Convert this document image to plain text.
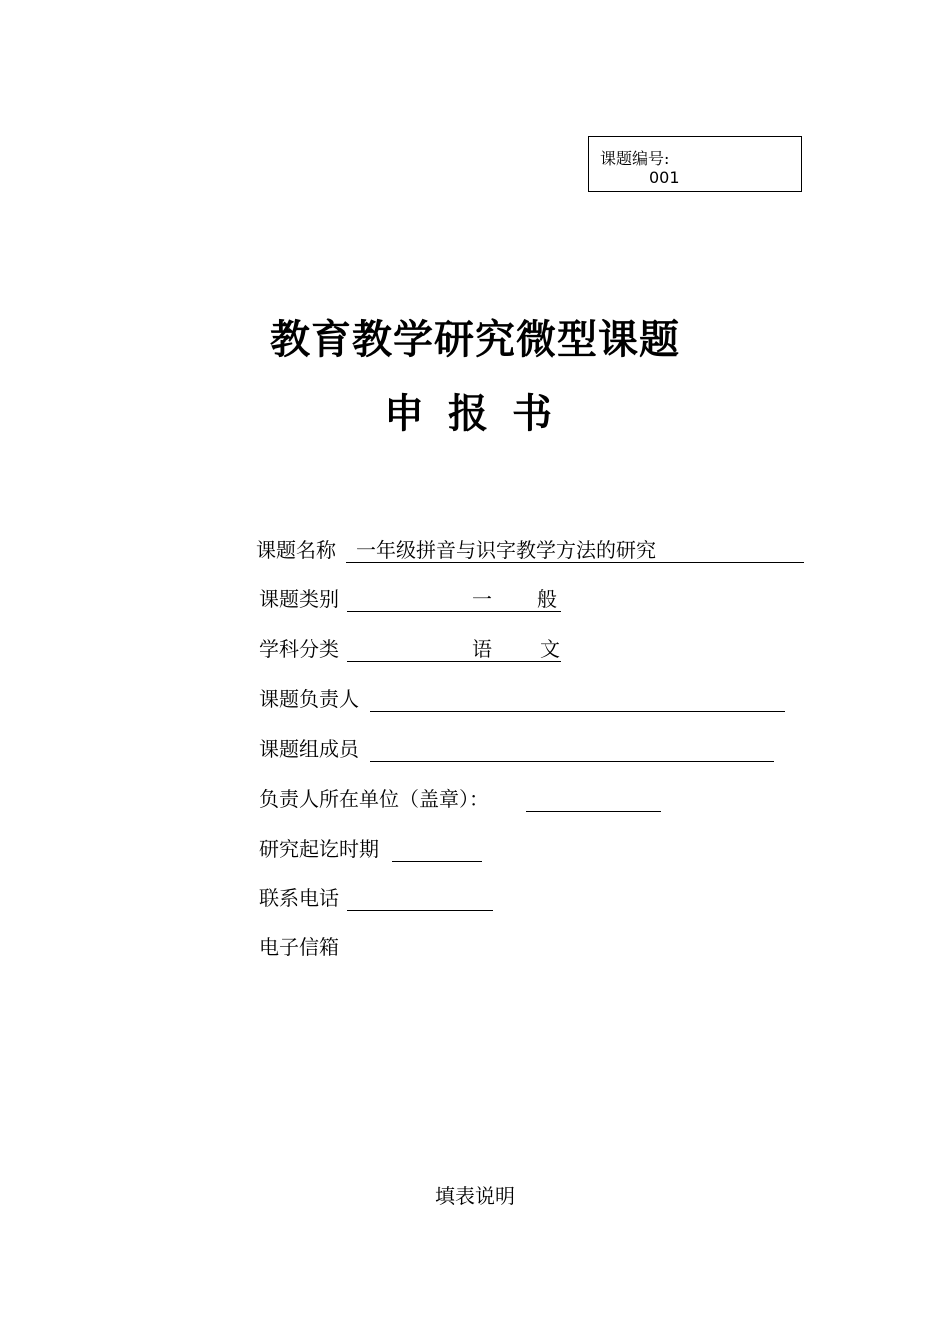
课题编号:
001
教育教学研究微型课题
申 报 书
课题名称 一年级拼音与识字教学方法的研究
课题类别	一 般
学科分类	语 文
课题负责人
课题组成员
负责人所在单位（盖章）：
研究起讫时期
联系电话
电子信箱
填表说明
